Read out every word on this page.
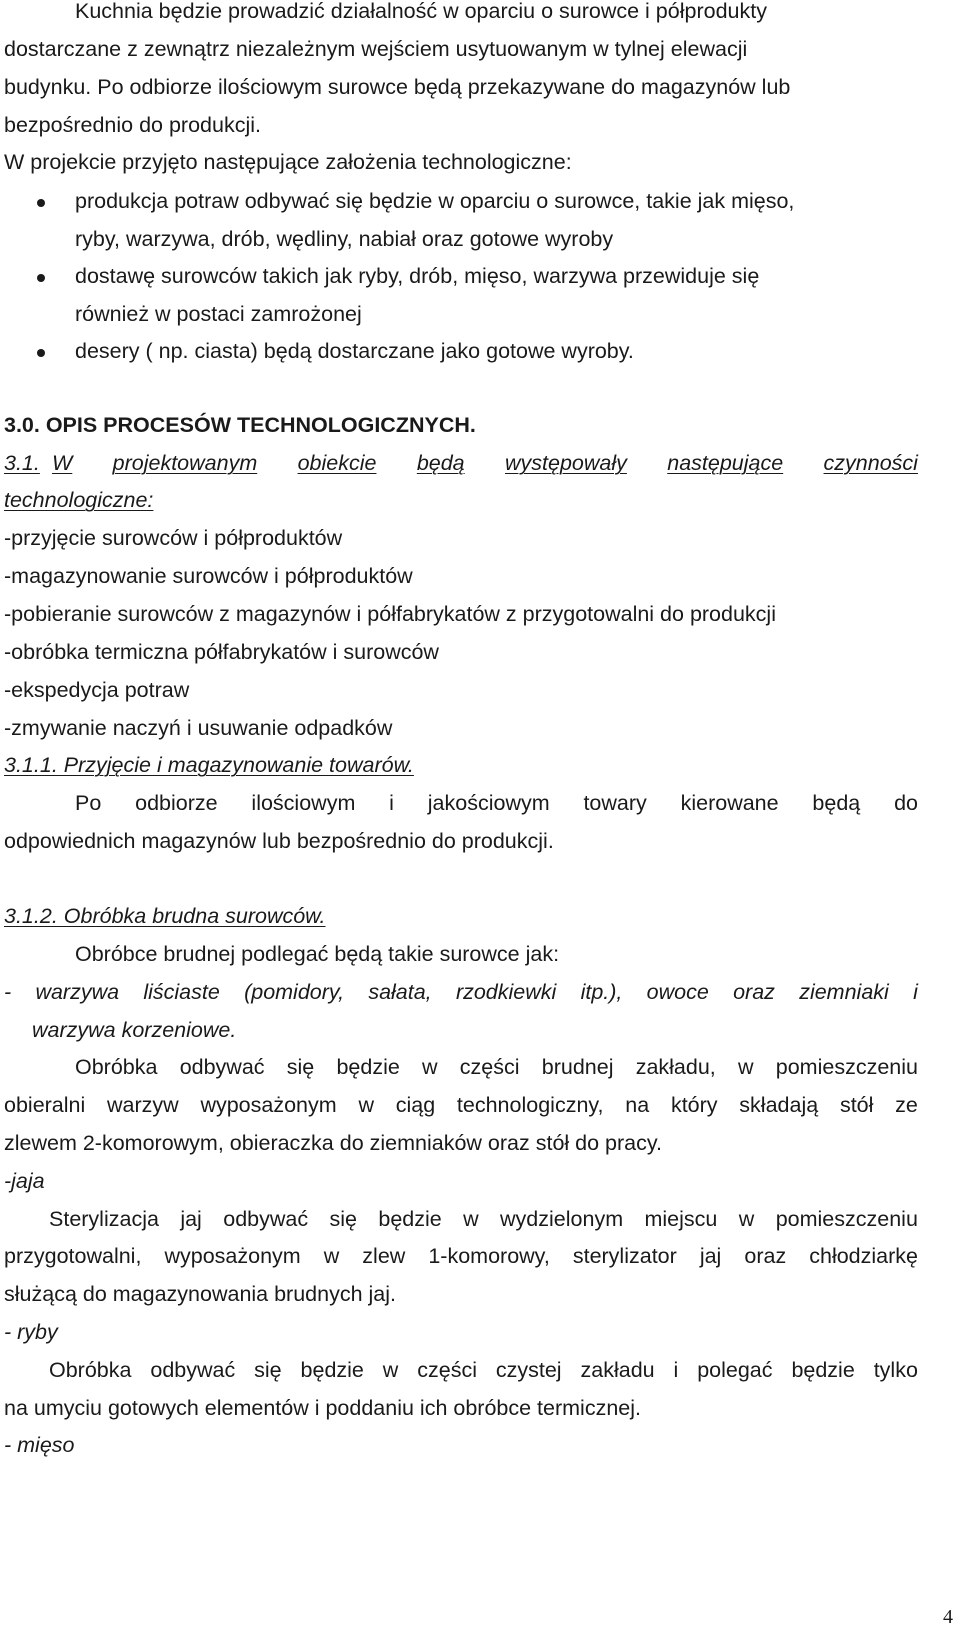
Kuchnia będzie prowadzić działalność w oparciu o surowce i półprodukty
dostarczane z zewnątrz niezależnym wejściem usytuowanym w tylnej elewacji
budynku. Po odbiorze ilościowym surowce będą przekazywane do magazynów lub
bezpośrednio do produkcji.
W projekcie przyjęto następujące założenia technologiczne:
produkcja potraw odbywać się będzie w oparciu o surowce, takie jak mięso,
ryby, warzywa, drób, wędliny, nabiał oraz gotowe wyroby
dostawę surowców takich jak ryby, drób, mięso, warzywa przewiduje się
również w postaci zamrożonej
desery ( np. ciasta) będą dostarczane jako gotowe wyroby.
3.0. OPIS PROCESÓW TECHNOLOGICZNYCH.
3.1. W projektowanym obiekcie będą występowały następujące czynności
technologiczne:
-przyjęcie surowców i półproduktów
-magazynowanie surowców i półproduktów
-pobieranie surowców z magazynów i półfabrykatów z przygotowalni do produkcji
-obróbka termiczna półfabrykatów i surowców
-ekspedycja potraw
-zmywanie naczyń i usuwanie odpadków
3.1.1. Przyjęcie i magazynowanie towarów.
Po odbiorze ilościowym i jakościowym towary kierowane będą do
odpowiednich magazynów lub bezpośrednio do produkcji.
3.1.2. Obróbka brudna surowców.
Obróbce brudnej podlegać będą takie surowce jak:
- warzywa liściaste (pomidory, sałata, rzodkiewki itp.), owoce oraz ziemniaki i
warzywa korzeniowe.
Obróbka odbywać się będzie w części brudnej zakładu, w pomieszczeniu
obieralni warzyw wyposażonym w ciąg technologiczny, na który składają stół ze
zlewem 2-komorowym, obieraczka do ziemniaków oraz stół do pracy.
-jaja
Sterylizacja jaj odbywać się będzie w wydzielonym miejscu w pomieszczeniu
przygotowalni, wyposażonym w zlew 1-komorowy, sterylizator jaj oraz chłodziarkę
służącą do magazynowania brudnych jaj.
- ryby
Obróbka odbywać się będzie w części czystej zakładu i polegać będzie tylko
na umyciu gotowych elementów i poddaniu ich obróbce termicznej.
- mięso
4
